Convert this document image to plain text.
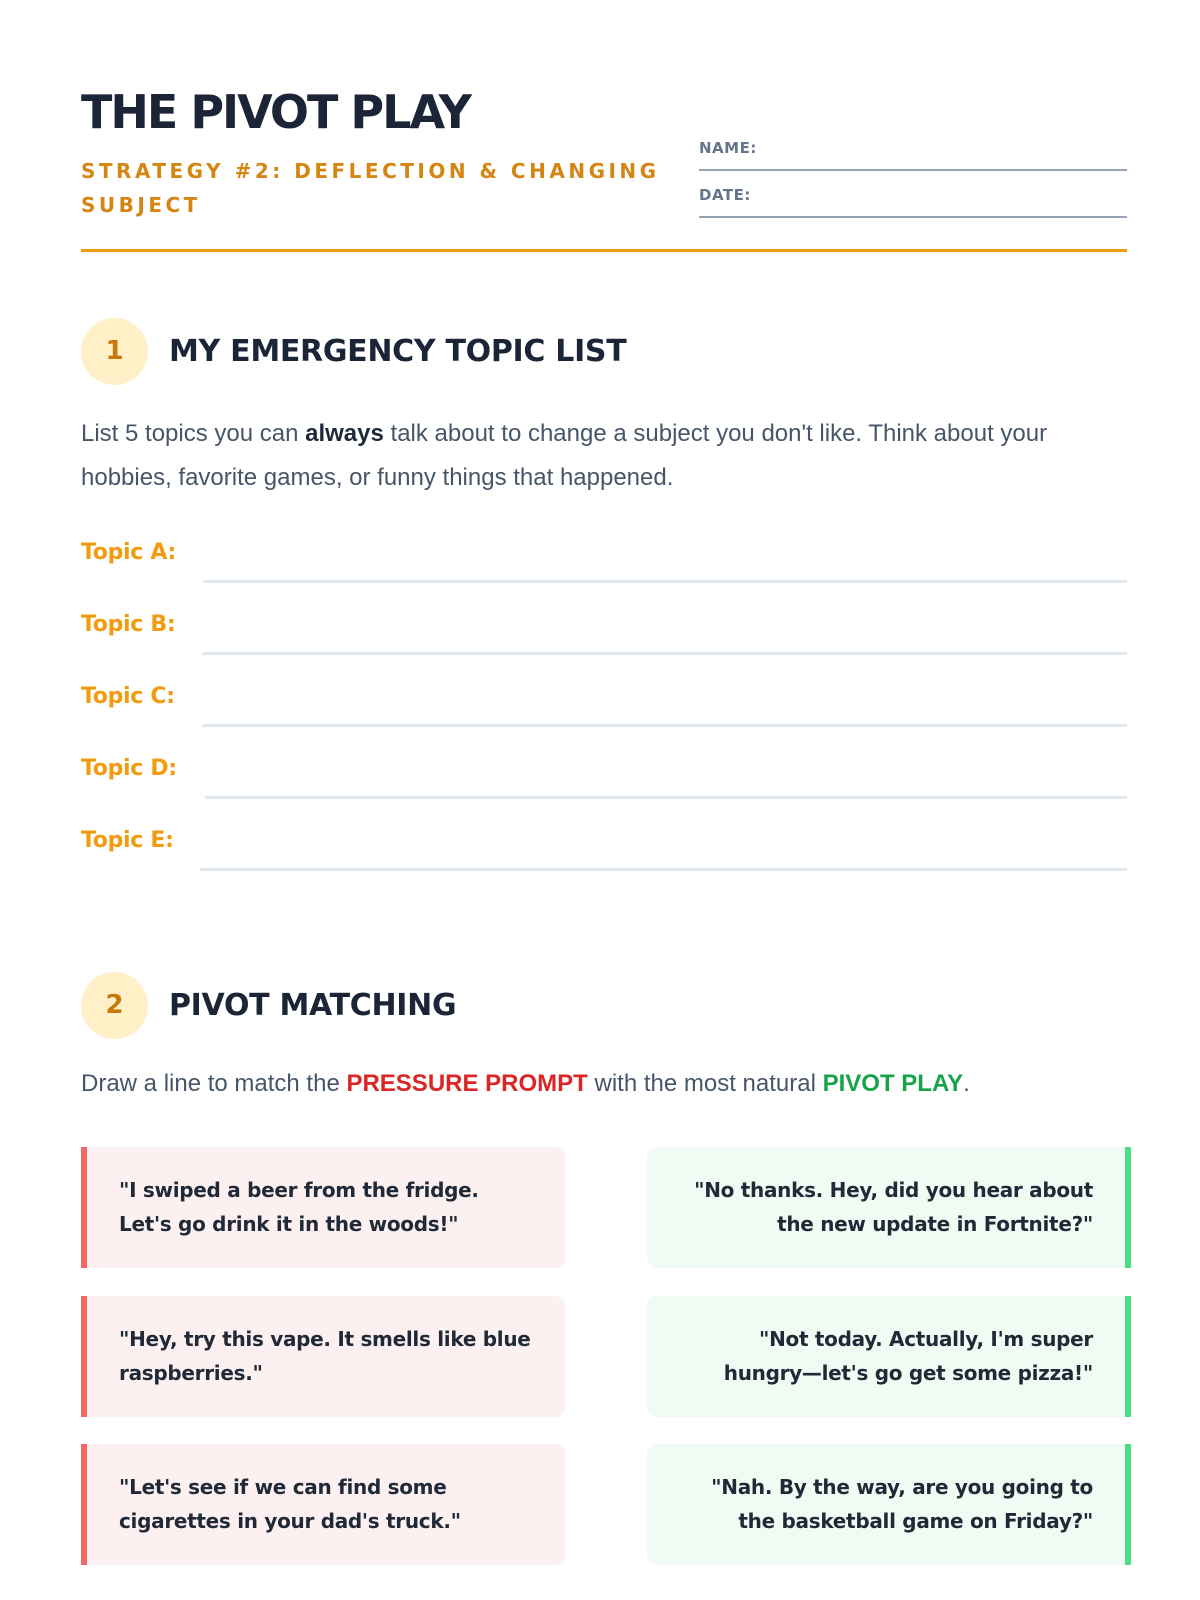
THE PIVOT PLAY
STRATEGY #2: DEFLECTION & CHANGING SUBJECT
NAME:
DATE:
1	MY EMERGENCY TOPIC LIST
List 5 topics you can always talk about to change a subject you don't like. Think about your hobbies, favorite games, or funny things that happened.
Topic A:
Topic B:
Topic C:
Topic D:
Topic E:
2	PIVOT MATCHING
Draw a line to match the PRESSURE PROMPT with the most natural PIVOT PLAY.
"I swiped a beer from the fridge. Let's go drink it in the woods!"
"No thanks. Hey, did you hear about the new update in Fortnite?"
"Hey, try this vape. It smells like blue raspberries."
"Not today. Actually, I'm super hungry—let's go get some pizza!"
"Let's see if we can find some cigarettes in your dad's truck."
"Nah. By the way, are you going to the basketball game on Friday?"
